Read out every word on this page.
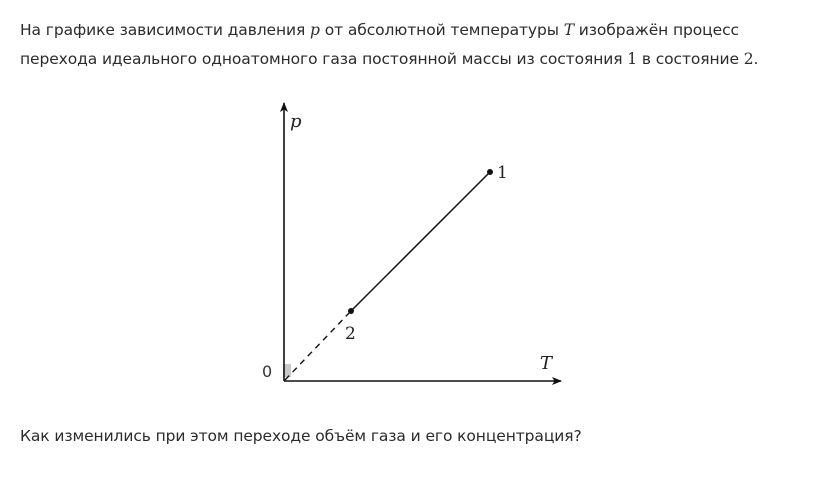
На графике зависимости давления p от абсолютной температуры T изображён процесс
перехода идеального одноатомного газа постоянной массы из состояния 1 в состояние 2.

p
T
0
1
2

Как изменились при этом переходе объём газа и его концентрация?
